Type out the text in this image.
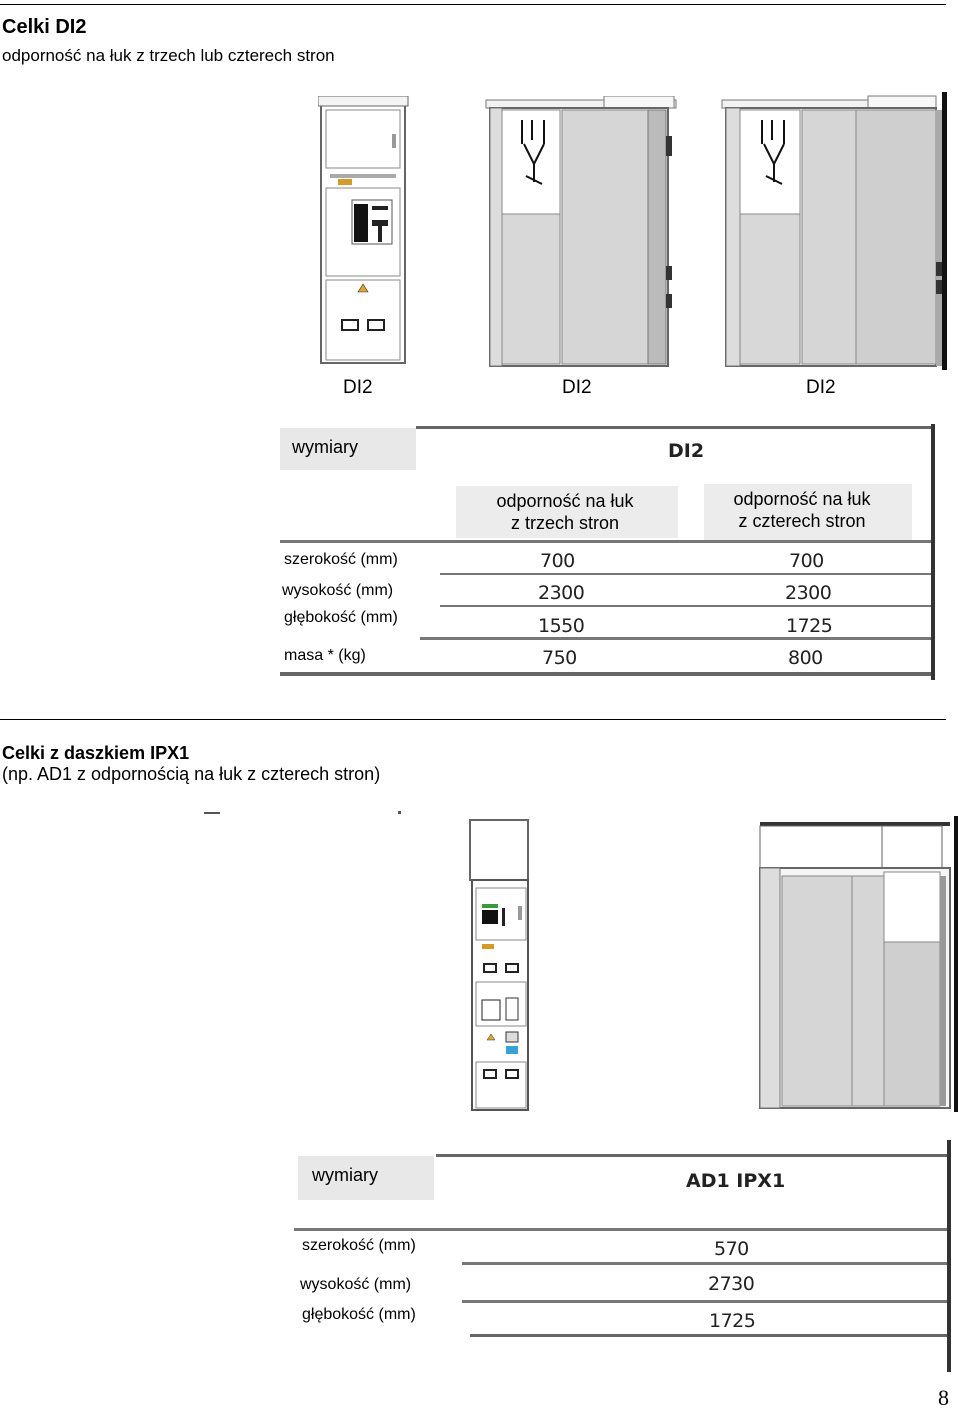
Celki DI2
odporność na łuk z trzech lub czterech stron
DI2	DI2	DI2
wymiary	DI2
odporność na łuk
z trzech stron
odporność na łuk
z czterech stron
szerokość (mm)	700	700
wysokość (mm)	2300	2300
głębokość (mm)	1550	1725
masa * (kg)	750	800
Celki z daszkiem IPX1
(np. AD1 z odpornością na łuk z czterech stron)
wymiary	AD1 IPX1
szerokość (mm)	570
wysokość (mm)	2730
głębokość (mm)	1725
8
